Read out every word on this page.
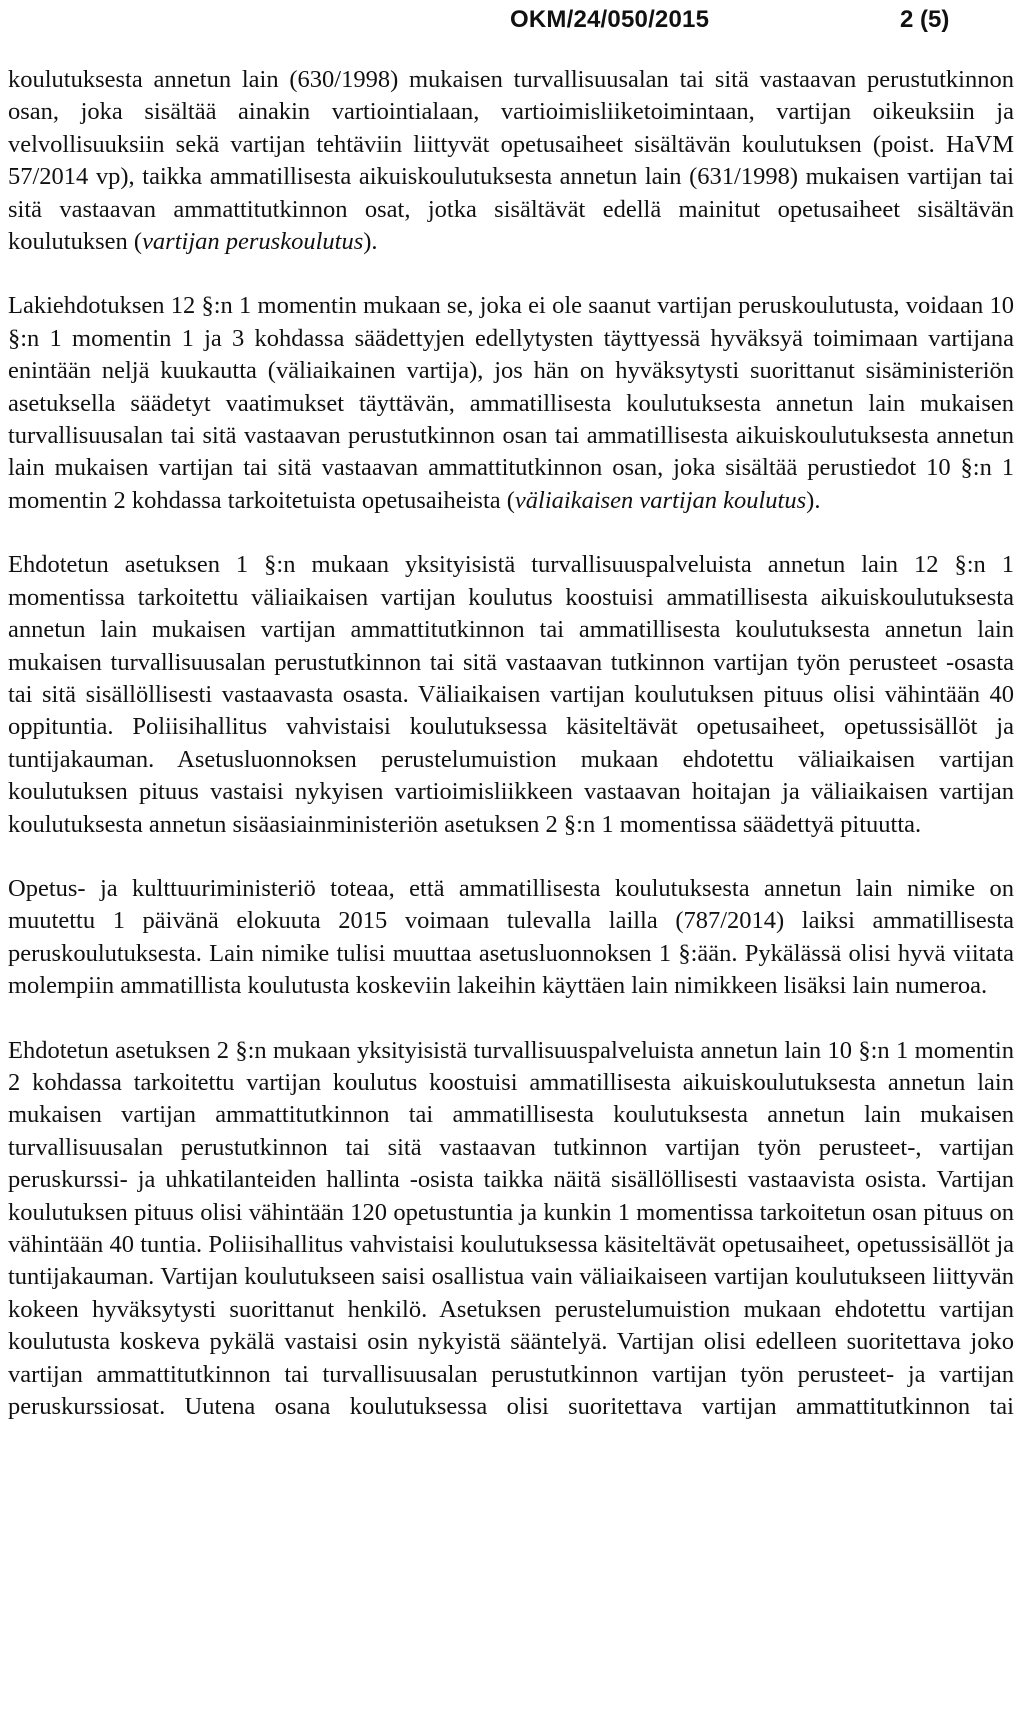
OKM/24/050/2015	2 (5)

koulutuksesta annetun lain (630/1998) mukaisen turvallisuusalan tai sitä vastaavan perustutkinnon osan, joka sisältää ainakin vartiointialaan, vartioimisliiketoimintaan, vartijan oikeuksiin ja velvollisuuksiin sekä vartijan tehtäviin liittyvät opetusaiheet sisältävän koulutuksen (poist. HaVM 57/2014 vp), taikka ammatillisesta aikuiskoulutuksesta annetun lain (631/1998) mukaisen vartijan tai sitä vastaavan ammattitutkinnon osat, jotka sisältävät edellä mainitut opetusaiheet sisältävän koulutuksen (vartijan peruskoulutus).

Lakiehdotuksen 12 §:n 1 momentin mukaan se, joka ei ole saanut vartijan peruskoulutusta, voidaan 10 §:n 1 momentin 1 ja 3 kohdassa säädettyjen edellytysten täyttyessä hyväksyä toimimaan vartijana enintään neljä kuukautta (väliaikainen vartija), jos hän on hyväksytysti suorittanut sisäministeriön asetuksella säädetyt vaatimukset täyttävän, ammatillisesta koulutuksesta annetun lain mukaisen turvallisuusalan tai sitä vastaavan perustutkinnon osan tai ammatillisesta aikuiskoulutuksesta annetun lain mukaisen vartijan tai sitä vastaavan ammattitutkinnon osan, joka sisältää perustiedot 10 §:n 1 momentin 2 kohdassa tarkoitetuista opetusaiheista (väliaikaisen vartijan koulutus).

Ehdotetun asetuksen 1 §:n mukaan yksityisistä turvallisuuspalveluista annetun lain 12 §:n 1 momentissa tarkoitettu väliaikaisen vartijan koulutus koostuisi ammatillisesta aikuiskoulutuksesta annetun lain mukaisen vartijan ammattitutkinnon tai ammatillisesta koulutuksesta annetun lain mukaisen turvallisuusalan perustutkinnon tai sitä vastaavan tutkinnon vartijan työn perusteet -osasta tai sitä sisällöllisesti vastaavasta osasta. Väliaikaisen vartijan koulutuksen pituus olisi vähintään 40 oppituntia. Poliisihallitus vahvistaisi koulutuksessa käsiteltävät opetusaiheet, opetussisällöt ja tuntijakauman. Asetusluonnoksen perustelumuistion mukaan ehdotettu väliaikaisen vartijan koulutuksen pituus vastaisi nykyisen vartioimisliikkeen vastaavan hoitajan ja väliaikaisen vartijan koulutuksesta annetun sisäasiainministeriön asetuksen 2 §:n 1 momentissa säädettyä pituutta.

Opetus- ja kulttuuriministeriö toteaa, että ammatillisesta koulutuksesta annetun lain nimike on muutettu 1 päivänä elokuuta 2015 voimaan tulevalla lailla (787/2014) laiksi ammatillisesta peruskoulutuksesta. Lain nimike tulisi muuttaa asetusluonnoksen 1 §:ään. Pykälässä olisi hyvä viitata molempiin ammatillista koulutusta koskeviin lakeihin käyttäen lain nimikkeen lisäksi lain numeroa.

Ehdotetun asetuksen 2 §:n mukaan yksityisistä turvallisuuspalveluista annetun lain 10 §:n 1 momentin 2 kohdassa tarkoitettu vartijan koulutus koostuisi ammatillisesta aikuiskoulutuksesta annetun lain mukaisen vartijan ammattitutkinnon tai ammatillisesta koulutuksesta annetun lain mukaisen turvallisuusalan perustutkinnon tai sitä vastaavan tutkinnon vartijan työn perusteet-, vartijan peruskurssi- ja uhkatilanteiden hallinta -osista taikka näitä sisällöllisesti vastaavista osista. Vartijan koulutuksen pituus olisi vähintään 120 opetustuntia ja kunkin 1 momentissa tarkoitetun osan pituus on vähintään 40 tuntia. Poliisihallitus vahvistaisi koulutuksessa käsiteltävät opetusaiheet, opetussisällöt ja tuntijakauman. Vartijan koulutukseen saisi osallistua vain väliaikaiseen vartijan koulutukseen liittyvän kokeen hyväksytysti suorittanut henkilö. Asetuksen perustelumuistion mukaan ehdotettu vartijan koulutusta koskeva pykälä vastaisi osin nykyistä sääntelyä. Vartijan olisi edelleen suoritettava joko vartijan ammattitutkinnon tai turvallisuusalan perustutkinnon vartijan työn perusteet- ja vartijan peruskurssiosat. Uutena osana koulutuksessa olisi suoritettava vartijan ammattitutkinnon tai
